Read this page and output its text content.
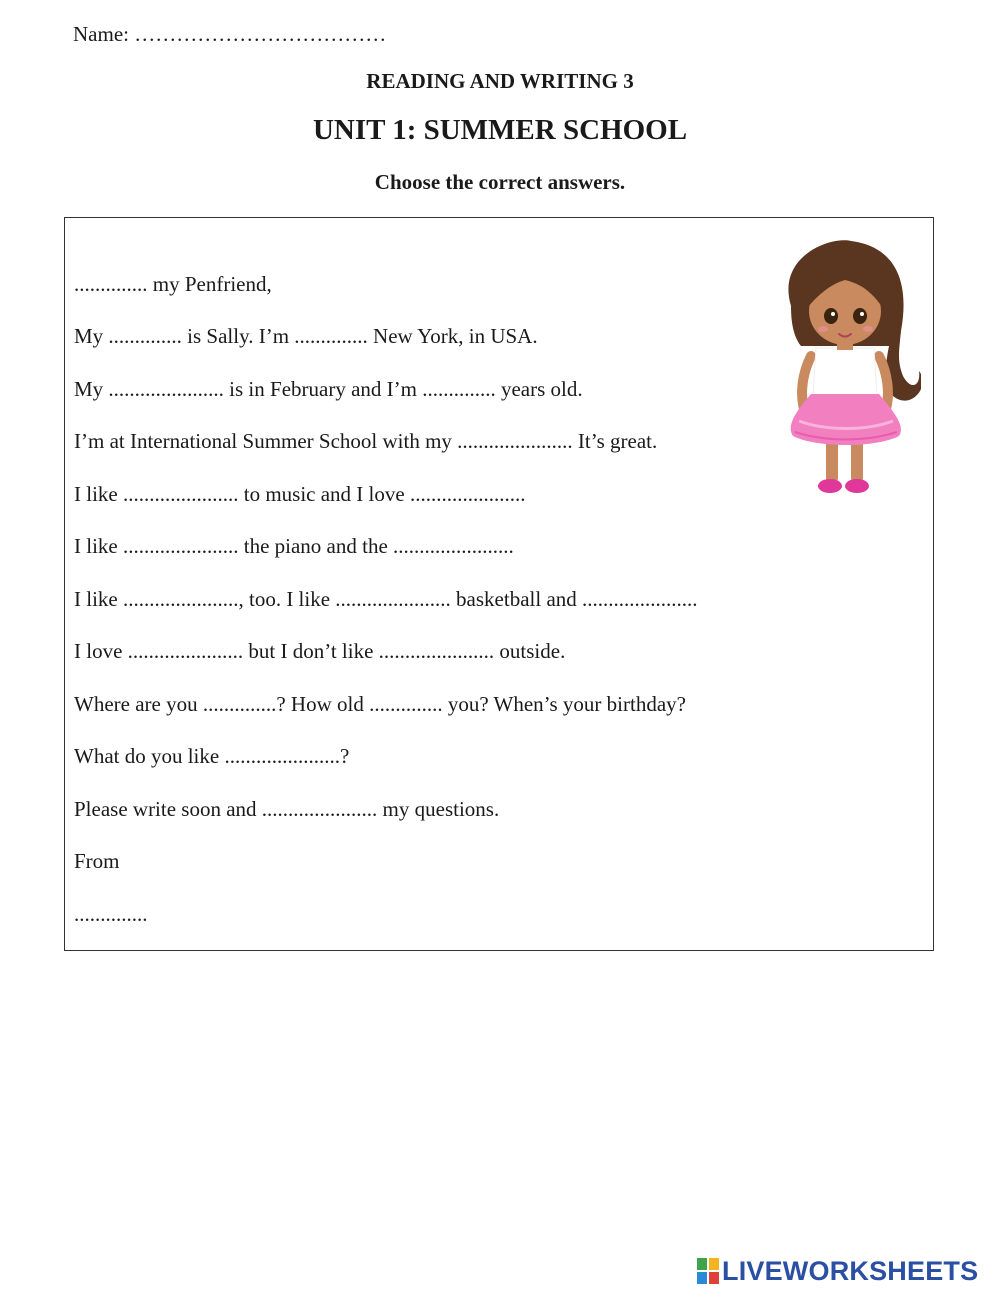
Name: ………………………………
READING AND WRITING 3
UNIT 1: SUMMER SCHOOL
Choose the correct answers.
.............. my Penfriend,
My .............. is Sally. I’m .............. New York, in USA.
My ...................... is in February and I’m .............. years old.
I’m at International Summer School with my ...................... It’s great.
I like ...................... to music and I love ......................
I like ...................... the piano and the .......................
I like ......................, too. I like ...................... basketball and ......................
I love ...................... but I don’t like ...................... outside.
Where are you ..............? How old .............. you? When’s your birthday?
What do you like ......................?
Please write soon and ...................... my questions.
From
..............
LIVEWORKSHEETS
